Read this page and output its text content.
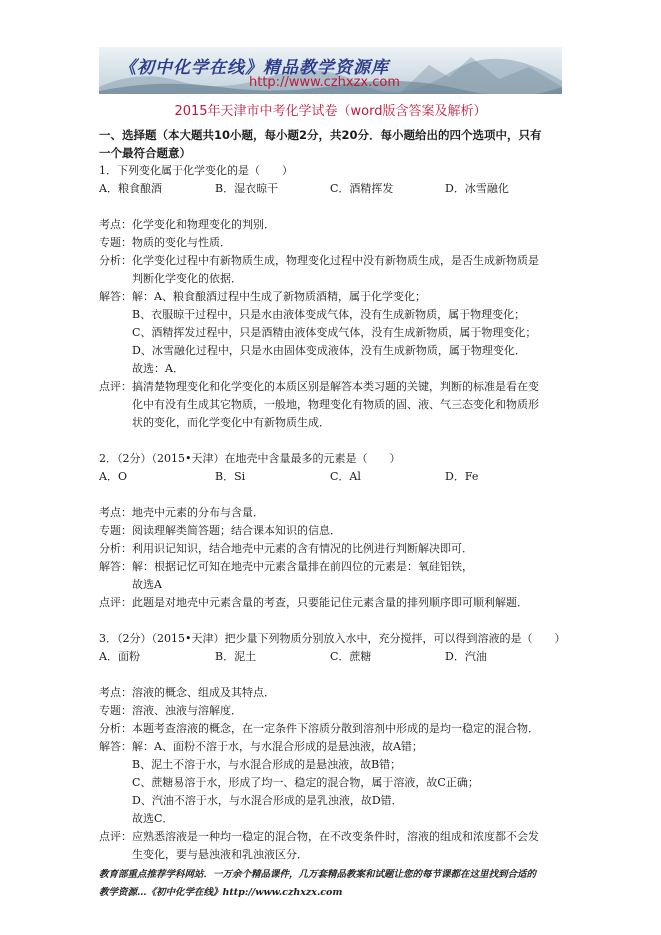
《初中化学在线》精品教学资源库
http://www.czhxzx.com
2015年天津市中考化学试卷（word版含答案及解析）
一、选择题（本大题共10小题，每小题2分，共20分．每小题给出的四个选项中，只有
一个最符合题意）
1．下列变化属于化学变化的是（　　）
A．粮食酿酒	B．湿衣晾干	C．酒精挥发	D．冰雪融化
考点：化学变化和物理变化的判别．
专题：物质的变化与性质．
分析：化学变化过程中有新物质生成，物理变化过程中没有新物质生成，是否生成新物质是
判断化学变化的依据．
解答：解：A、粮食酿酒过程中生成了新物质酒精，属于化学变化；
B、衣服晾干过程中，只是水由液体变成气体，没有生成新物质，属于物理变化；
C、酒精挥发过程中，只是酒精由液体变成气体，没有生成新物质，属于物理变化；
D、冰雪融化过程中，只是水由固体变成液体，没有生成新物质，属于物理变化．
故选：A．
点评：搞清楚物理变化和化学变化的本质区别是解答本类习题的关键，判断的标准是看在变
化中有没有生成其它物质，一般地，物理变化有物质的固、液、气三态变化和物质形
状的变化，而化学变化中有新物质生成．
2．（2分）（2015•天津）在地壳中含量最多的元素是（　　）
A．O	B．Si	C．Al	D．Fe
考点：地壳中元素的分布与含量．
专题：阅读理解类简答题；结合课本知识的信息．
分析：利用识记知识，结合地壳中元素的含有情况的比例进行判断解决即可．
解答：解：根据记忆可知在地壳中元素含量排在前四位的元素是：氧硅铝铁，
故选A
点评：此题是对地壳中元素含量的考查，只要能记住元素含量的排列顺序即可顺利解题．
3．（2分）（2015•天津）把少量下列物质分别放入水中，充分搅拌，可以得到溶液的是（　　）
A．面粉	B．泥土	C．蔗糖	D．汽油
考点：溶液的概念、组成及其特点．
专题：溶液、浊液与溶解度．
分析：本题考查溶液的概念，在一定条件下溶质分散到溶剂中形成的是均一稳定的混合物．
解答：解：A、面粉不溶于水，与水混合形成的是悬浊液，故A错；
B、泥土不溶于水，与水混合形成的是悬浊液，故B错；
C、蔗糖易溶于水，形成了均一、稳定的混合物，属于溶液，故C正确；
D、汽油不溶于水，与水混合形成的是乳浊液，故D错．
故选C．
点评：应熟悉溶液是一种均一稳定的混合物，在不改变条件时，溶液的组成和浓度都不会发
生变化，要与悬浊液和乳浊液区分．
教育部重点推荐学科网站．一万余个精品课件，几万套精品教案和试题让您的每节课都在这里找到合适的
教学资源…《初中化学在线》http://www.czhxzx.com
